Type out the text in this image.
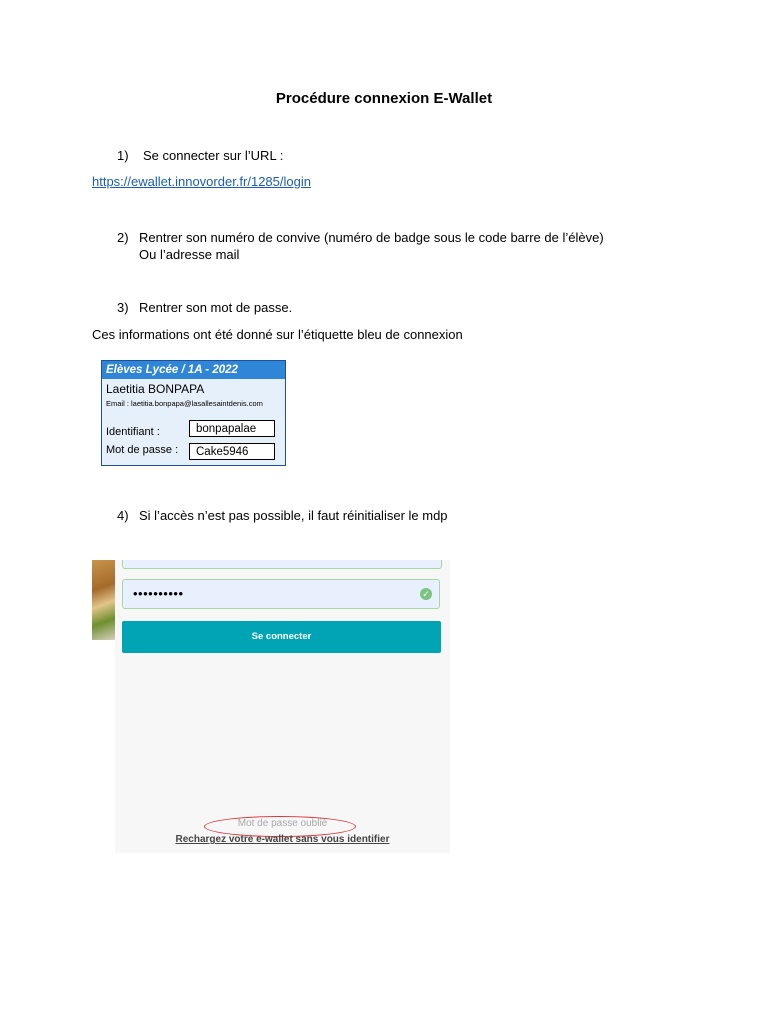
Procédure connexion E-Wallet
1) Se connecter sur l’URL :
https://ewallet.innovorder.fr/1285/login
2) Rentrer son numéro de convive (numéro de badge sous le code barre de l’élève)
Ou l’adresse mail
3) Rentrer son mot de passe.
Ces informations ont été donné sur l’étiquette bleu de connexion
Elèves Lycée / 1A - 2022
Laetitia BONPAPA
Email : laetitia.bonpapa@lasallesaintdenis.com
Identifiant :	bonpapalae
Mot de passe :	Cake5946
4) Si l’accès n’est pas possible, il faut réinitialiser le mdp
••••••••••	✓
Se connecter
Mot de passe oublié
Rechargez votre e-wallet sans vous identifier
